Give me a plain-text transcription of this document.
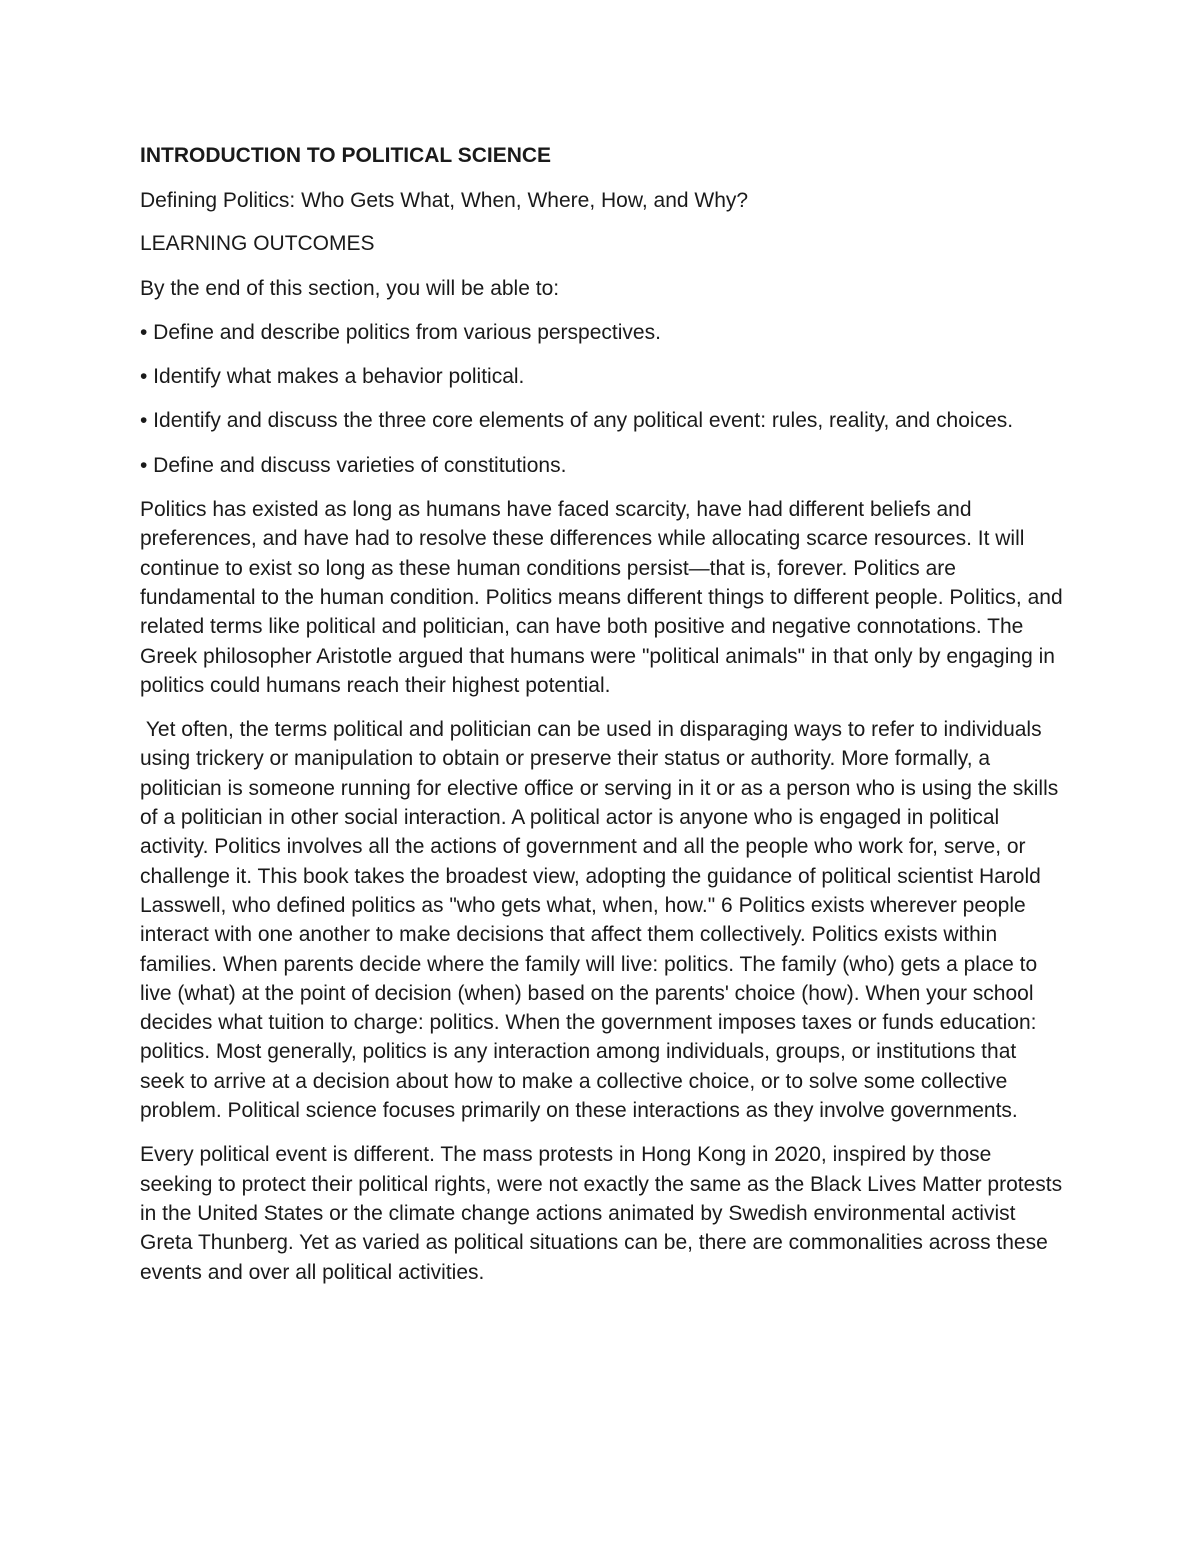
INTRODUCTION TO POLITICAL SCIENCE
Defining Politics: Who Gets What, When, Where, How, and Why?
LEARNING OUTCOMES
By the end of this section, you will be able to:
• Define and describe politics from various perspectives.
• Identify what makes a behavior political.
• Identify and discuss the three core elements of any political event: rules, reality, and choices.
• Define and discuss varieties of constitutions.
Politics has existed as long as humans have faced scarcity, have had different beliefs and preferences, and have had to resolve these differences while allocating scarce resources. It will continue to exist so long as these human conditions persist—that is, forever. Politics are fundamental to the human condition. Politics means different things to different people. Politics, and related terms like political and politician, can have both positive and negative connotations. The Greek philosopher Aristotle argued that humans were "political animals" in that only by engaging in politics could humans reach their highest potential.
Yet often, the terms political and politician can be used in disparaging ways to refer to individuals using trickery or manipulation to obtain or preserve their status or authority. More formally, a politician is someone running for elective office or serving in it or as a person who is using the skills of a politician in other social interaction. A political actor is anyone who is engaged in political activity. Politics involves all the actions of government and all the people who work for, serve, or challenge it. This book takes the broadest view, adopting the guidance of political scientist Harold Lasswell, who defined politics as "who gets what, when, how." 6 Politics exists wherever people interact with one another to make decisions that affect them collectively. Politics exists within families. When parents decide where the family will live: politics. The family (who) gets a place to live (what) at the point of decision (when) based on the parents' choice (how). When your school decides what tuition to charge: politics. When the government imposes taxes or funds education: politics. Most generally, politics is any interaction among individuals, groups, or institutions that seek to arrive at a decision about how to make a collective choice, or to solve some collective problem. Political science focuses primarily on these interactions as they involve governments.
Every political event is different. The mass protests in Hong Kong in 2020, inspired by those seeking to protect their political rights, were not exactly the same as the Black Lives Matter protests in the United States or the climate change actions animated by Swedish environmental activist Greta Thunberg. Yet as varied as political situations can be, there are commonalities across these events and over all political activities.
